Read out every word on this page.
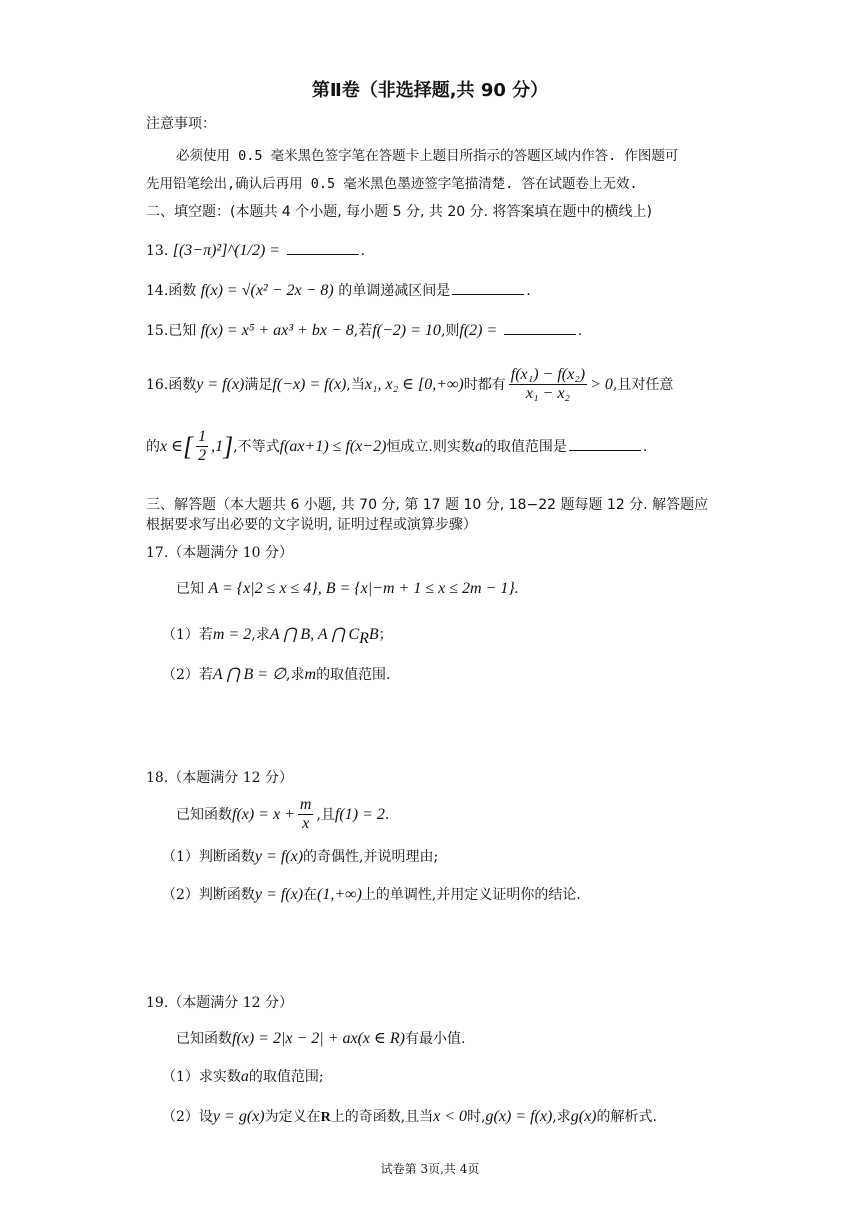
第Ⅱ卷（非选择题,共 90 分）
注意事项：
必须使用 0.5 毫米黑色签字笔在答题卡上题目所指示的答题区域内作答. 作图题可
先用铅笔绘出,确认后再用 0.5 毫米黑色墨迹签字笔描清楚. 答在试题卷上无效.
二、填空题：(本题共 4 个小题, 每小题 5 分, 共 20 分. 将答案填在题中的横线上)
13. [(3−π)²]^(1/2) =	.
14.函数 f(x) = √(x² − 2x − 8) 的单调递减区间是	.
15.已知 f(x) = x⁵ + ax³ + bx − 8,若f(−2) = 10,则f(2) =	.
16.函数y = f(x)满足f(−x) = f(x),当x₁, x₂ ∈ [0,+∞)时都有 $\frac{\text{f(x₁) − f(x₂)}}{\text{x₁ − x₂}} > 0$,且对任意
的x ∈[ $\frac{1}{2} ,1$],不等式f(ax+1) ≤ f(x−2)恒成立.则实数a的取值范围是	.
三、解答题（本大题共 6 小题, 共 70 分, 第 17 题 10 分, 18−22 题每题 12 分. 解答题应
根据要求写出必要的文字说明, 证明过程或演算步骤）
17.（本题满分 10 分）
已知 A = {x|2 ≤ x ≤ 4}, B = {x|−m + 1 ≤ x ≤ 2m − 1}.
（1）若m = 2,求A ⋂ B, A ⋂ $C_RB$；
（2）若A ⋂ B = ∅,求m的取值范围.
18.（本题满分 12 分）
已知函数$f(x) = x + \frac{m}{x}$ ,且f(1) = 2.
（1）判断函数y = f(x)的奇偶性,并说明理由;
（2）判断函数y = f(x)在(1,+∞)上的单调性,并用定义证明你的结论.
19.（本题满分 12 分）
已知函数f(x) = 2|x − 2| + ax(x ∈ R)有最小值.
（1）求实数a的取值范围;
（2）设y = g(x)为定义在R上的奇函数,且当x < 0时,g(x) = f(x),求g(x)的解析式.
试卷第 3页,共 4页
